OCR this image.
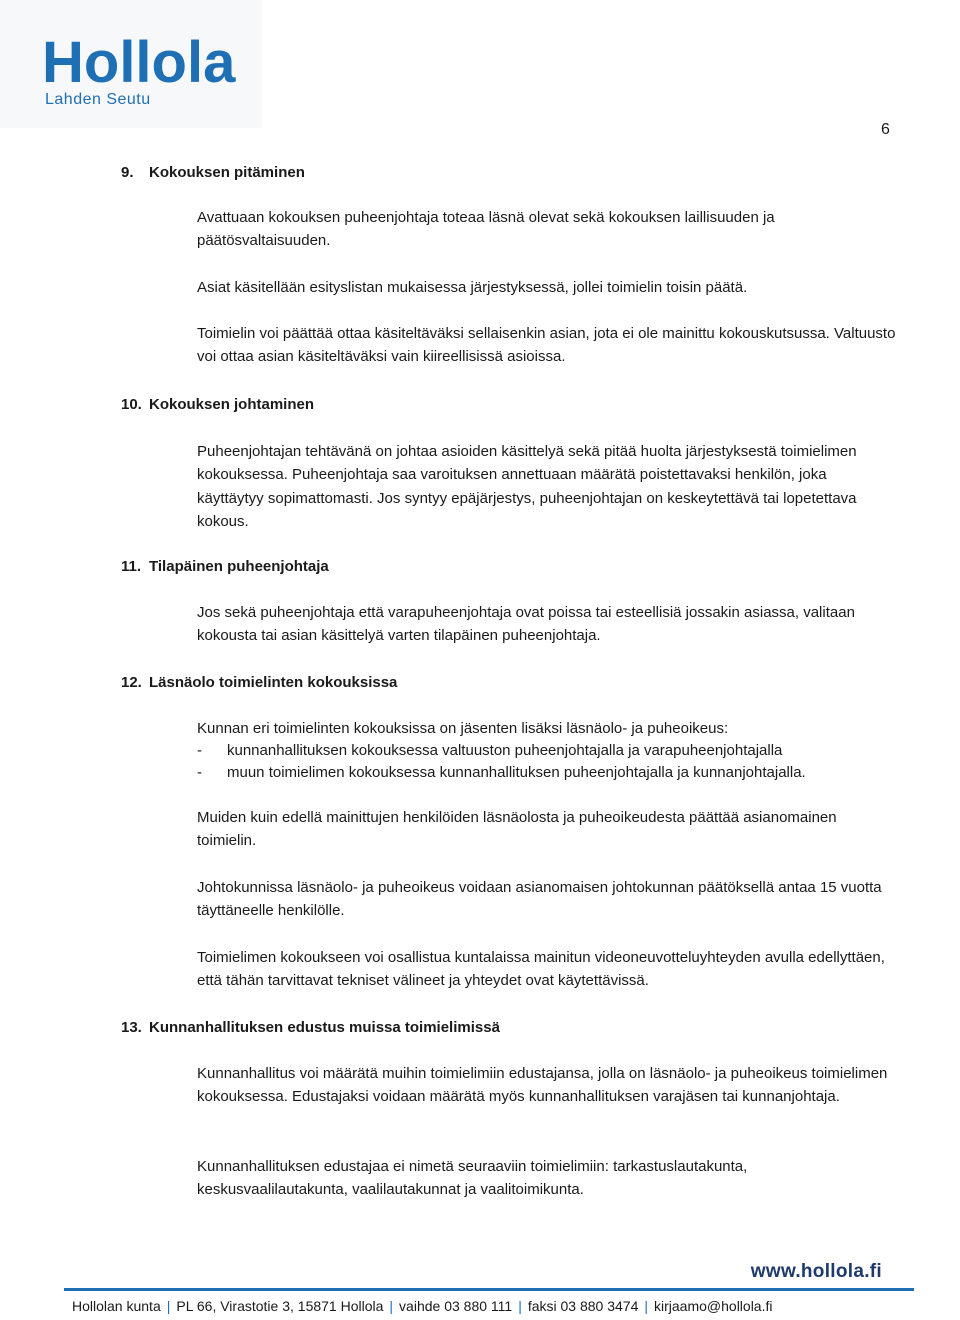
Hollola
Lahden Seutu
6
9. Kokouksen pitäminen
Avattuaan kokouksen puheenjohtaja toteaa läsnä olevat sekä kokouksen laillisuuden ja päätösvaltaisuuden.
Asiat käsitellään esityslistan mukaisessa järjestyksessä, jollei toimielin toisin päätä.
Toimielin voi päättää ottaa käsiteltäväksi sellaisenkin asian, jota ei ole mainittu kokouskutsussa. Valtuusto voi ottaa asian käsiteltäväksi vain kiireellisissä asioissa.
10. Kokouksen johtaminen
Puheenjohtajan tehtävänä on johtaa asioiden käsittelyä sekä pitää huolta järjestyksestä toimielimen kokouksessa. Puheenjohtaja saa varoituksen annettuaan määrätä poistettavaksi henkilön, joka käyttäytyy sopimattomasti. Jos syntyy epäjärjestys, puheenjohtajan on keskeytettävä tai lopetettava kokous.
11. Tilapäinen puheenjohtaja
Jos sekä puheenjohtaja että varapuheenjohtaja ovat poissa tai esteellisiä jossakin asiassa, valitaan kokousta tai asian käsittelyä varten tilapäinen puheenjohtaja.
12. Läsnäolo toimielinten kokouksissa
Kunnan eri toimielinten kokouksissa on jäsenten lisäksi läsnäolo- ja puheoikeus:
- kunnanhallituksen kokouksessa valtuuston puheenjohtajalla ja varapuheenjohtajalla
- muun toimielimen kokouksessa kunnanhallituksen puheenjohtajalla ja kunnanjohtajalla.
Muiden kuin edellä mainittujen henkilöiden läsnäolosta ja puheoikeudesta päättää asianomainen toimielin.
Johtokunnissa läsnäolo- ja puheoikeus voidaan asianomaisen johtokunnan päätöksellä antaa 15 vuotta täyttäneelle henkilölle.
Toimielimen kokoukseen voi osallistua kuntalaissa mainitun videoneuvotteluyhteyden avulla edellyttäen, että tähän tarvittavat tekniset välineet ja yhteydet ovat käytettävissä.
13. Kunnanhallituksen edustus muissa toimielimissä
Kunnanhallitus voi määrätä muihin toimielimiin edustajansa, jolla on läsnäolo- ja puheoikeus toimielimen kokouksessa. Edustajaksi voidaan määrätä myös kunnanhallituksen varajäsen tai kunnanjohtaja.
Kunnanhallituksen edustajaa ei nimetä seuraaviin toimielimiin: tarkastuslautakunta, keskusvaalilautakunta, vaalilautakunnat ja vaalitoimikunta.
www.hollola.fi
Hollolan kunta | PL 66, Virastotie 3, 15871 Hollola | vaihde 03 880 111 | faksi 03 880 3474 | kirjaamo@hollola.fi
